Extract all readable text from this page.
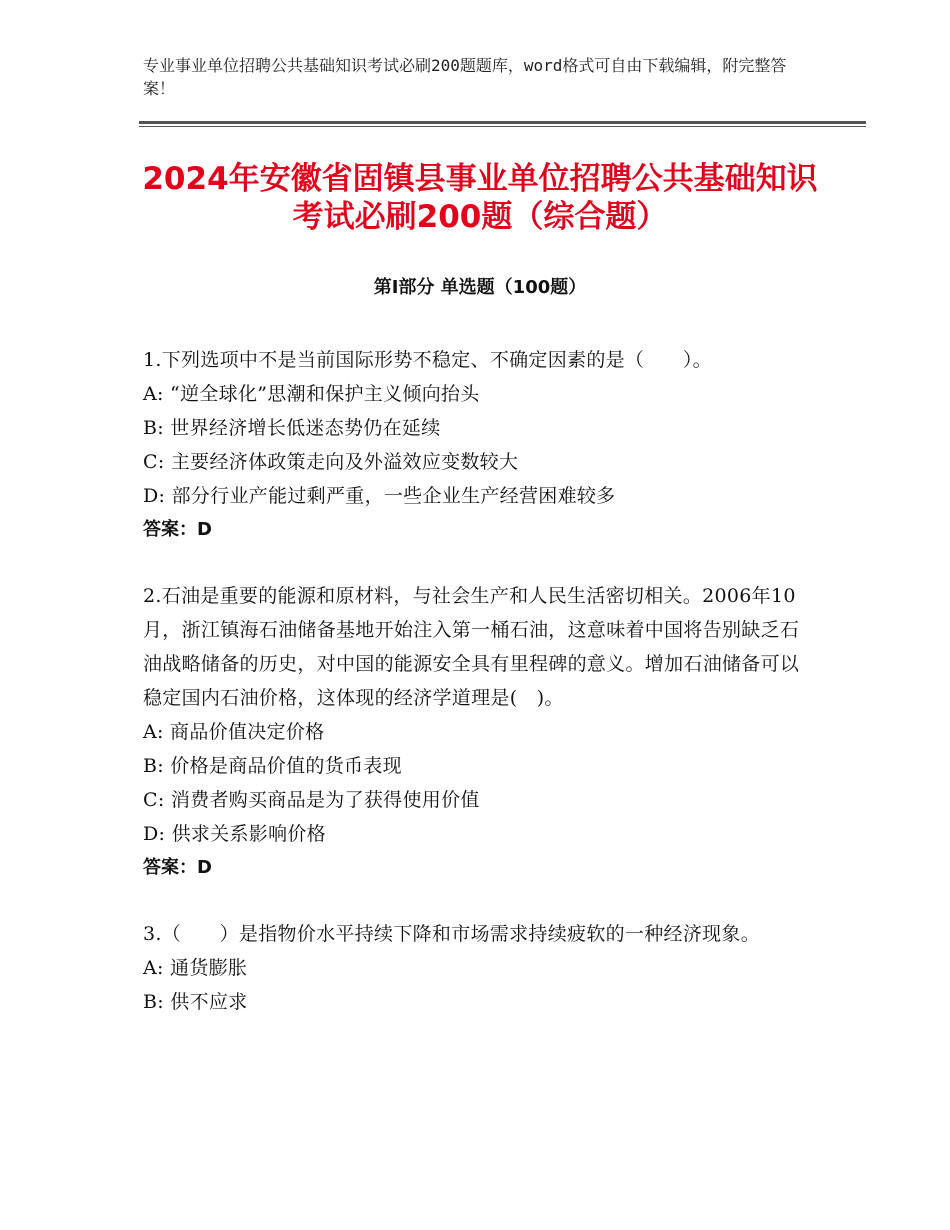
专业事业单位招聘公共基础知识考试必刷200题题库，word格式可自由下载编辑，附完整答案！
2024年安徽省固镇县事业单位招聘公共基础知识考试必刷200题（综合题）
第Ⅰ部分 单选题（100题）
1.下列选项中不是当前国际形势不稳定、不确定因素的是（　　）。
A: “逆全球化”思潮和保护主义倾向抬头
B: 世界经济增长低迷态势仍在延续
C: 主要经济体政策走向及外溢效应变数较大
D: 部分行业产能过剩严重，一些企业生产经营困难较多
答案：D
2.石油是重要的能源和原材料，与社会生产和人民生活密切相关。2006年10月，浙江镇海石油储备基地开始注入第一桶石油，这意味着中国将告别缺乏石油战略储备的历史，对中国的能源安全具有里程碑的意义。增加石油储备可以稳定国内石油价格，这体现的经济学道理是(　)。
A: 商品价值决定价格
B: 价格是商品价值的货币表现
C: 消费者购买商品是为了获得使用价值
D: 供求关系影响价格
答案：D
3.（　　）是指物价水平持续下降和市场需求持续疲软的一种经济现象。
A: 通货膨胀
B: 供不应求
